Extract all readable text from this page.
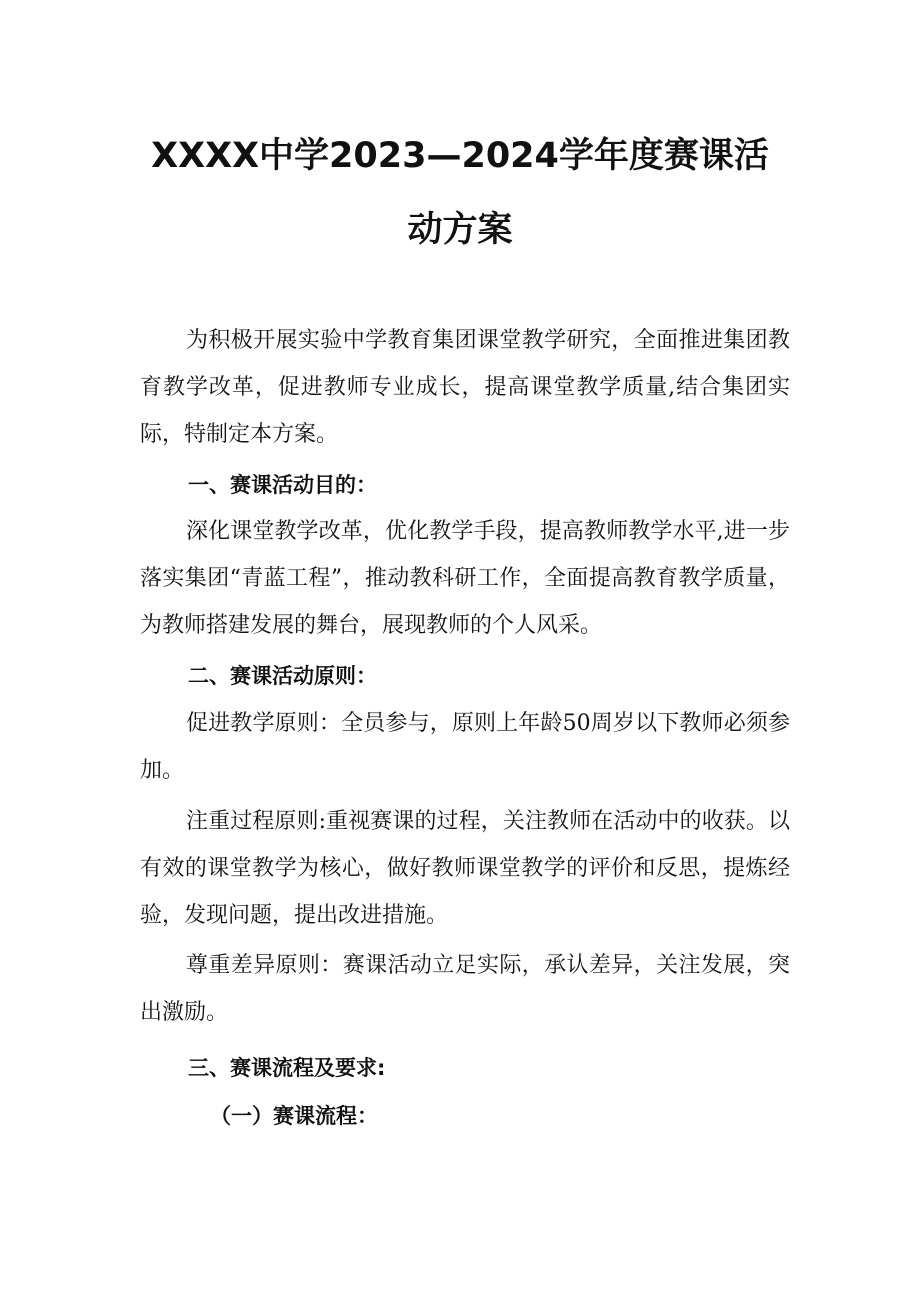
XXXX中学2023—2024学年度赛课活
动方案

为积极开展实验中学教育集团课堂教学研究，全面推进集团教育教学改革，促进教师专业成长，提高课堂教学质量,结合集团实际，特制定本方案。

一、赛课活动目的：

深化课堂教学改革，优化教学手段，提高教师教学水平,进一步落实集团“青蓝工程”，推动教科研工作，全面提高教育教学质量，为教师搭建发展的舞台，展现教师的个人风采。

二、赛课活动原则：

促进教学原则：全员参与，原则上年龄50周岁以下教师必须参加。

注重过程原则:重视赛课的过程，关注教师在活动中的收获。以有效的课堂教学为核心，做好教师课堂教学的评价和反思，提炼经验，发现问题，提出改进措施。

尊重差异原则：赛课活动立足实际，承认差异，关注发展，突出激励。

三、赛课流程及要求:
（一）赛课流程：
